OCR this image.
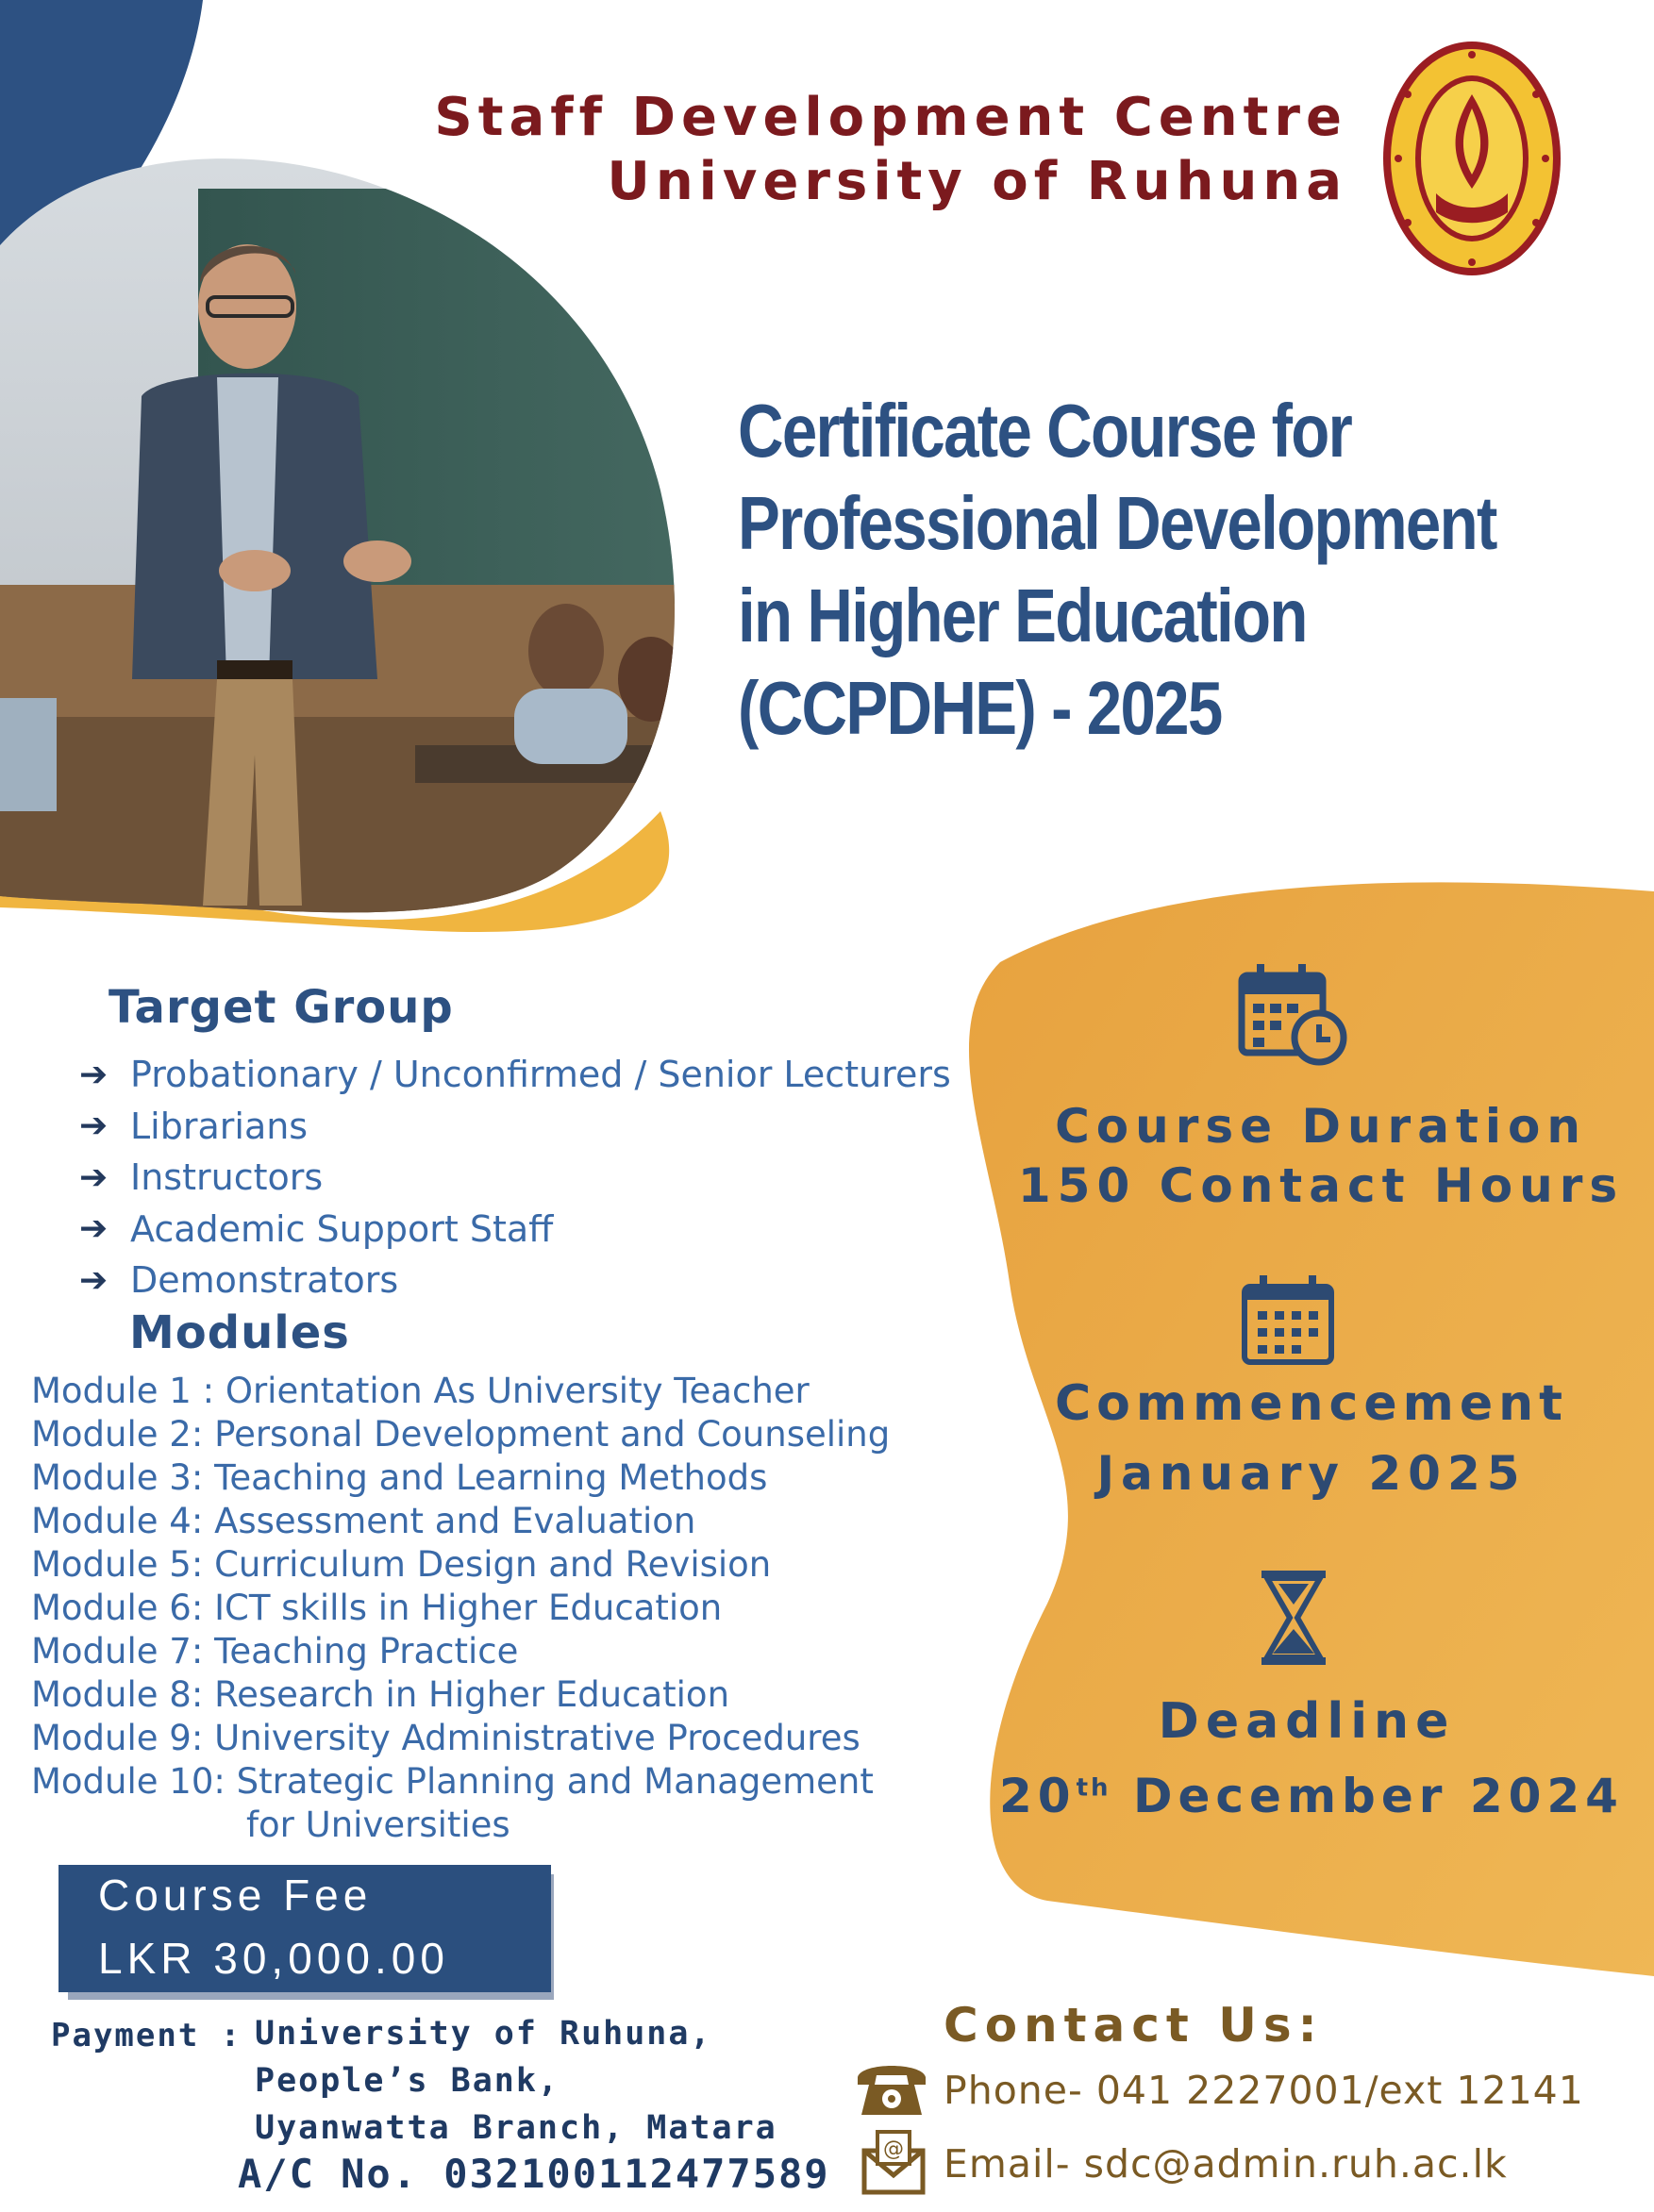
Staff Development Centre
University of Ruhuna
Certificate Course for
Professional Development
in Higher Education
(CCPDHE) - 2025
Target Group
➔ Probationary / Unconfirmed / Senior Lecturers
➔ Librarians
➔ Instructors
➔ Academic Support Staff
➔ Demonstrators
Modules
Module 1 : Orientation As University Teacher
Module 2: Personal Development and Counseling
Module 3: Teaching and Learning Methods
Module 4: Assessment and Evaluation
Module 5: Curriculum Design and Revision
Module 6: ICT skills in Higher Education
Module 7: Teaching Practice
Module 8: Research in Higher Education
Module 9: University Administrative Procedures
Module 10: Strategic Planning and Management
for Universities
Course Fee
LKR 30,000.00
Payment : University of Ruhuna,
People’s Bank,
Uyanwatta Branch, Matara
A/C No. 032100112477589
Course Duration
150 Contact Hours
Commencement
January 2025
Deadline
20th December 2024
Contact Us:
Phone- 041 2227001/ext 12141
@ Email- sdc@admin.ruh.ac.lk
